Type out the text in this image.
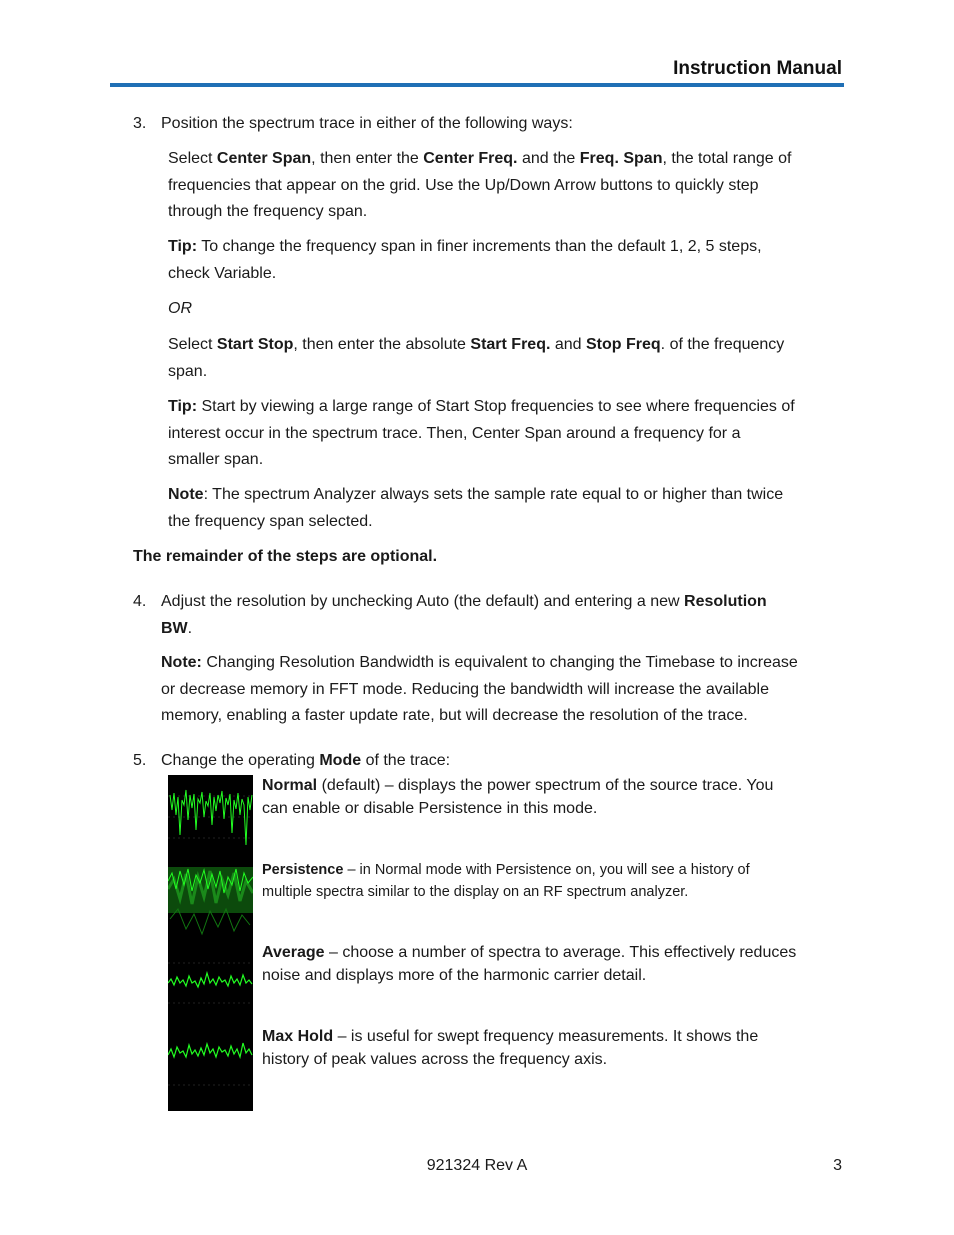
Instruction Manual
3. Position the spectrum trace in either of the following ways:
Select Center Span, then enter the Center Freq. and the Freq. Span, the total range of
frequencies that appear on the grid. Use the Up/Down Arrow buttons to quickly step
through the frequency span.
Tip: To change the frequency span in finer increments than the default 1, 2, 5 steps,
check Variable.
OR
Select Start Stop, then enter the absolute Start Freq. and Stop Freq. of the frequency
span.
Tip: Start by viewing a large range of Start Stop frequencies to see where frequencies of
interest occur in the spectrum trace. Then, Center Span around a frequency for a
smaller span.
Note: The spectrum Analyzer always sets the sample rate equal to or higher than twice
the frequency span selected.
The remainder of the steps are optional.
4. Adjust the resolution by unchecking Auto (the default) and entering a new Resolution
BW.
Note: Changing Resolution Bandwidth is equivalent to changing the Timebase to increase
or decrease memory in FFT mode. Reducing the bandwidth will increase the available
memory, enabling a faster update rate, but will decrease the resolution of the trace.
5. Change the operating Mode of the trace:
Normal (default) – displays the power spectrum of the source trace. You
can enable or disable Persistence in this mode.
Persistence – in Normal mode with Persistence on, you will see a history of
multiple spectra similar to the display on an RF spectrum analyzer.
Average – choose a number of spectra to average. This effectively reduces
noise and displays more of the harmonic carrier detail.
Max Hold – is useful for swept frequency measurements. It shows the
history of peak values across the frequency axis.
921324 Rev A	3
